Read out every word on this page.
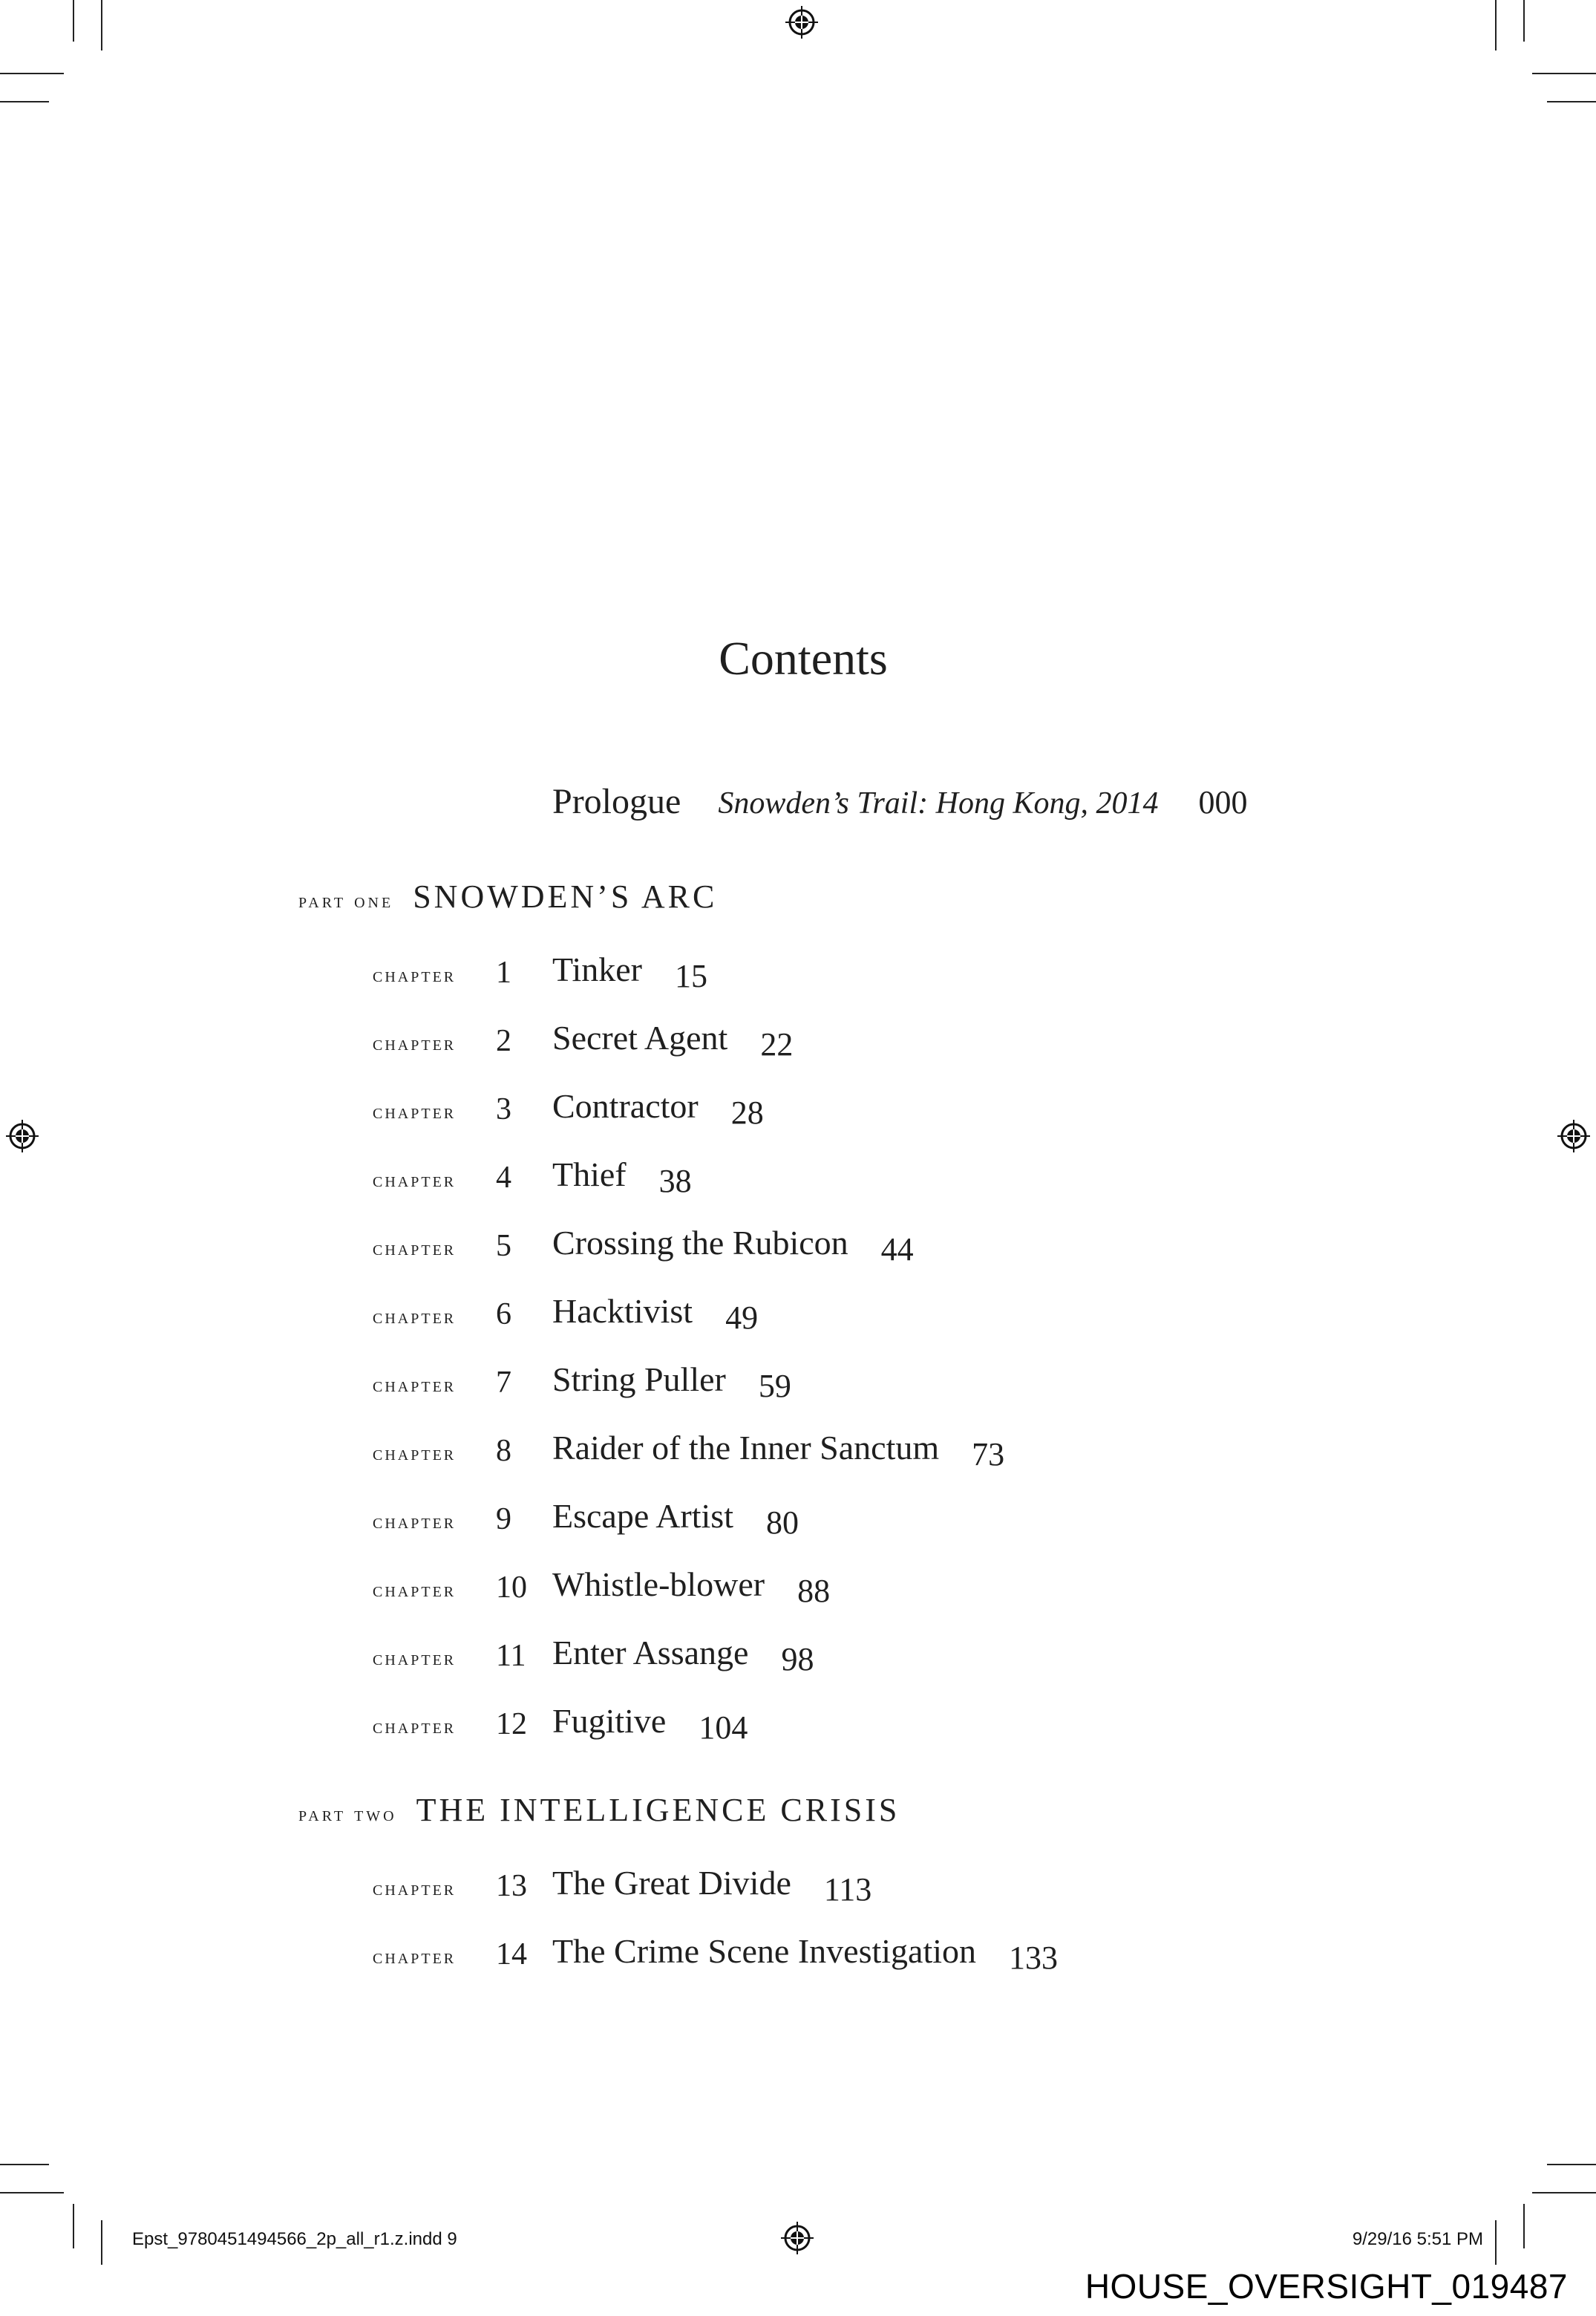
Contents
Prologue Snowden’s Trail: Hong Kong, 2014 000
part one SNOWDEN’S ARC
chapter 1 Tinker 15
chapter 2 Secret Agent 22
chapter 3 Contractor 28
chapter 4 Thief 38
chapter 5 Crossing the Rubicon 44
chapter 6 Hacktivist 49
chapter 7 String Puller 59
chapter 8 Raider of the Inner Sanctum 73
chapter 9 Escape Artist 80
chapter 10 Whistle-blower 88
chapter 11 Enter Assange 98
chapter 12 Fugitive 104
part two THE INTELLIGENCE CRISIS
chapter 13 The Great Divide 113
chapter 14 The Crime Scene Investigation 133
Epst_9780451494566_2p_all_r1.z.indd 9	9/29/16 5:51 PM
HOUSE_OVERSIGHT_019487
